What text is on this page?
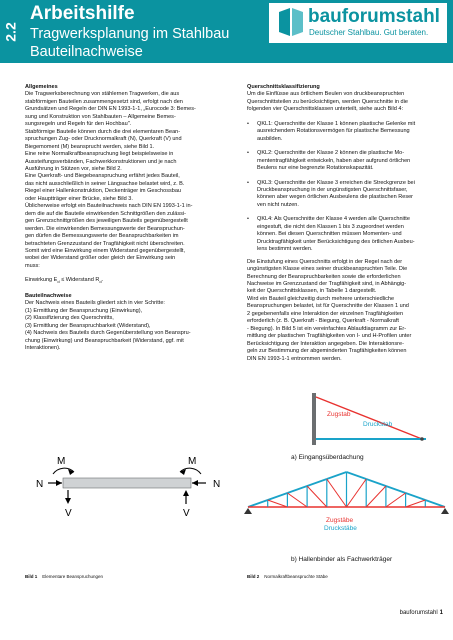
2.2
Arbeitshilfe
Tragwerksplanung im Stahlbau
Bauteilnachweise
bauforumstahl
Deutscher Stahlbau. Gut beraten.

Allgemeines

Die Tragwerksberechnung von stählernen Tragwerken, die aus

stabförmigen Bauteilen zusammengesetzt sind, erfolgt nach den

Grundsätzen und Regeln der DIN EN 1993-1-1, „Eurocode 3: Bemes-

sung und Konstruktion von Stahlbauten – Allgemeine Bemes-

sungsregeln und Regeln für den Hochbau".

Stabförmige Bauteile können durch die drei elementaren Bean-

spruchungen Zug- oder Drucknormalkraft (N), Querkraft (V) und

Biegemoment (M) beansprucht werden, siehe Bild 1.

Eine reine Normalkraftbeanspruchung liegt beispielsweise in

Aussteifungsverbänden, Fachwerkkonstruktionen und je nach

Ausführung in Stützen vor, siehe Bild 2.

Eine Querkraft- und Biegebeanspruchung erfährt jedes Bauteil,

das nicht ausschließlich in seiner Längsachse belastet wird, z. B.

Riegel einer Hallenkonstruktion, Deckenträger im Geschossbau

oder Hauptträger einer Brücke, siehe Bild 3.

Üblicherweise erfolgt ein Bauteilnachweis nach DIN EN 1993-1-1 in-

dem die auf die Bauteile einwirkenden Schnittgrößen den zulässi-

gen Grenzschnittgrößen des jeweiligen Bauteils gegenübergestellt

werden. Die einwirkenden Bemessungswerte der Beanspruchun-

gen dürfen die Bemessungswerte der Beanspruchbarkeiten im

betrachteten Grenzzustand der Tragfähigkeit nicht überschreiten.

Somit wird eine Einwirkung einem Widerstand gegenübergestellt,

wobei der Widerstand größer oder gleich der Einwirkung sein

muss:

Einwirkung $E_d$ ≤ Widerstand $R_d$.

Bauteilnachweise

Der Nachweis eines Bauteils gliedert sich in vier Schritte:

(1) Ermittlung der Beanspruchung (Einwirkung),

(2) Klassifizierung des Querschnitts,

(3) Ermittlung der Beanspruchbarkeit (Widerstand),

(4) Nachweis des Bauteils durch Gegenüberstellung von Beanspru-

chung (Einwirkung) und Beanspruchbarkeit (Widerstand, ggf. mit

Interaktionen).

Querschnittsklassifizierung

Um die Einflüsse aus örtlichem Beulen von druckbeanspruchten

Querschnittsteilen zu berücksichtigen, werden Querschnitte in die

folgenden vier Querschnittsklassen unterteilt, siehe auch Bild 4:

•	QKL1: Querschnitte der Klasse 1 können plastische Gelenke mit

ausreichendem Rotationsvermögen für plastische Bemessung

ausbilden.

•	QKL2: Querschnitte der Klasse 2 können die plastische Mo-

mententragfähigkeit entwickeln, haben aber aufgrund örtlichen

Beulens nur eine begrenzte Rotationskapazität.

•	QKL3: Querschnitte der Klasse 3 erreichen die Streckgrenze bei

Druckbeanspruchung in der ungünstigsten Querschnittsfaser,

können aber wegen örtlichen Ausbeulens die plastischen Reser

ven nicht nutzen.

•	QKL4: Als Querschnitte der Klasse 4 werden alle Querschnitte

eingestuft, die nicht den Klassen 1 bis 3 zugeordnet werden

können. Bei diesen Querschnitten müssen Momenten- und

Drucktragfähigkeit unter Berücksichtigung des örtlichen Ausbeu-

lens bestimmt werden.

Die Einstufung eines Querschnitts erfolgt in der Regel nach der

ungünstigsten Klasse eines seiner druckbeanspruchten Teile. Die

Berechnung der Beanspruchbarkeiten sowie die erforderlichen

Nachweise im Grenzzustand der Tragfähigkeit sind, in Abhängig-

keit der Querschnittsklassen, in Tabelle 1 dargestellt.

Wird ein Bauteil gleichzeitig durch mehrere unterschiedliche

Beanspruchungen belastet, ist für Querschnitte der Klassen 1 und

2 gegebenenfalls eine Interaktion der einzelnen Tragfähigkeiten

erforderlich (z. B. Querkraft - Biegung, Querkraft - Normalkraft

- Biegung). In Bild 5 ist ein vereinfachtes Ablaufdiagramm zur Er-

mittlung der plastischen Tragfähigkeiten von I- und H-Profilen unter

Berücksichtigung der Interaktion angegeben. Die Interaktionsre-

geln zur Bestimmung der abgeminderten Tragfähigkeiten können

DIN EN 1993-1-1 entnommen werden.

N	N
M	M
V	V
Zugstab
Druckstab
a) Eingangsüberdachung
Zugstäbe
Druckstäbe
b) Hallenbinder als Fachwerkträger
Bild 1 Elementare Beanspruchungen	Bild 2 Normalkraftbeanspruchte Stäbe
bauforumstahl 1
